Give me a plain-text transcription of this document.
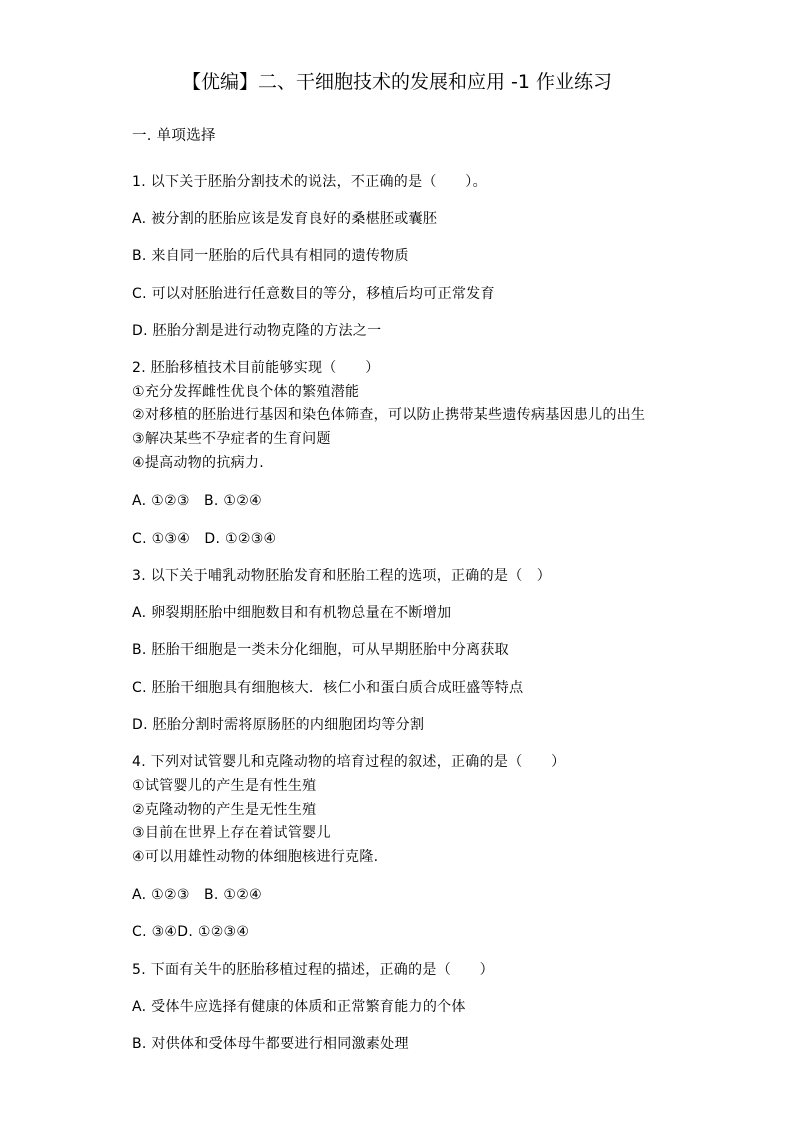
【优编】二、干细胞技术的发展和应用 -1 作业练习
一. 单项选择
1. 以下关于胚胎分割技术的说法，不正确的是（　　）。
A. 被分割的胚胎应该是发育良好的桑椹胚或囊胚
B. 来自同一胚胎的后代具有相同的遗传物质
C. 可以对胚胎进行任意数目的等分，移植后均可正常发育
D. 胚胎分割是进行动物克隆的方法之一
2. 胚胎移植技术目前能够实现（　　）
①充分发挥雌性优良个体的繁殖潜能
②对移植的胚胎进行基因和染色体筛查，可以防止携带某些遗传病基因患儿的出生
③解决某些不孕症者的生育问题
④提高动物的抗病力.
A. ①②③　B. ①②④
C. ①③④　D. ①②③④
3. 以下关于哺乳动物胚胎发育和胚胎工程的选项，正确的是（　）
A. 卵裂期胚胎中细胞数目和有机物总量在不断增加
B. 胚胎干细胞是一类未分化细胞，可从早期胚胎中分离获取
C. 胚胎干细胞具有细胞核大．核仁小和蛋白质合成旺盛等特点
D. 胚胎分割时需将原肠胚的内细胞团均等分割
4. 下列对试管婴儿和克隆动物的培育过程的叙述，正确的是（　　）
①试管婴儿的产生是有性生殖
②克隆动物的产生是无性生殖
③目前在世界上存在着试管婴儿
④可以用雄性动物的体细胞核进行克隆.
A. ①②③　B. ①②④
C. ③④D. ①②③④
5. 下面有关牛的胚胎移植过程的描述，正确的是（　　）
A. 受体牛应选择有健康的体质和正常繁育能力的个体
B. 对供体和受体母牛都要进行相同激素处理
